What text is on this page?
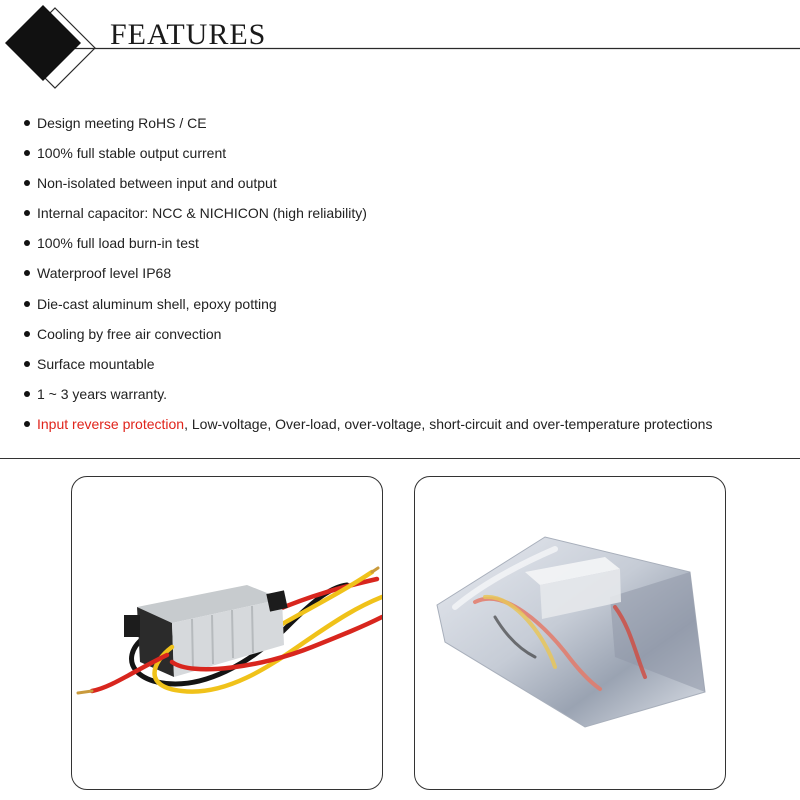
FEATURES
Design meeting RoHS / CE
100% full stable output current
Non-isolated between input and output
Internal capacitor: NCC & NICHICON (high reliability)
100% full load burn-in test
Waterproof level IP68
Die-cast aluminum shell, epoxy potting
Cooling by free air convection
Surface mountable
1 ~ 3 years warranty.
Input reverse protection, Low-voltage, Over-load, over-voltage, short-circuit and over-temperature protections
